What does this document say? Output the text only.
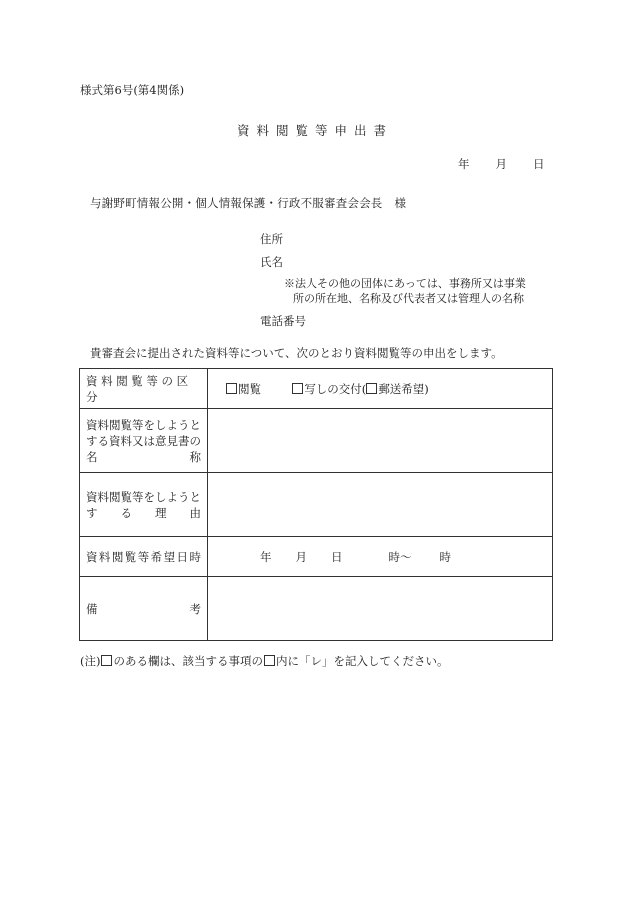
様式第6号(第4関係)
資料閲覧等申出書
年 月 日
与謝野町情報公開・個人情報保護・行政不服審査会会長 様
住所
氏名
※法人その他の団体にあっては、事務所又は事業
所の所在地、名称及び代表者又は管理人の名称
電話番号
貴審査会に提出された資料等について、次のとおり資料閲覧等の申出をします。
資料閲覧等の区分	閲覧 写しの交付( 郵送希望)

資料閲覧等をしようとする資料又は意見書の名称	

資料閲覧等をしようとする理由	

資料閲覧等希望日時	年 月 日 時～ 時

備考	

(注) のある欄は、該当する事項の 内に「レ」を記入してください。
